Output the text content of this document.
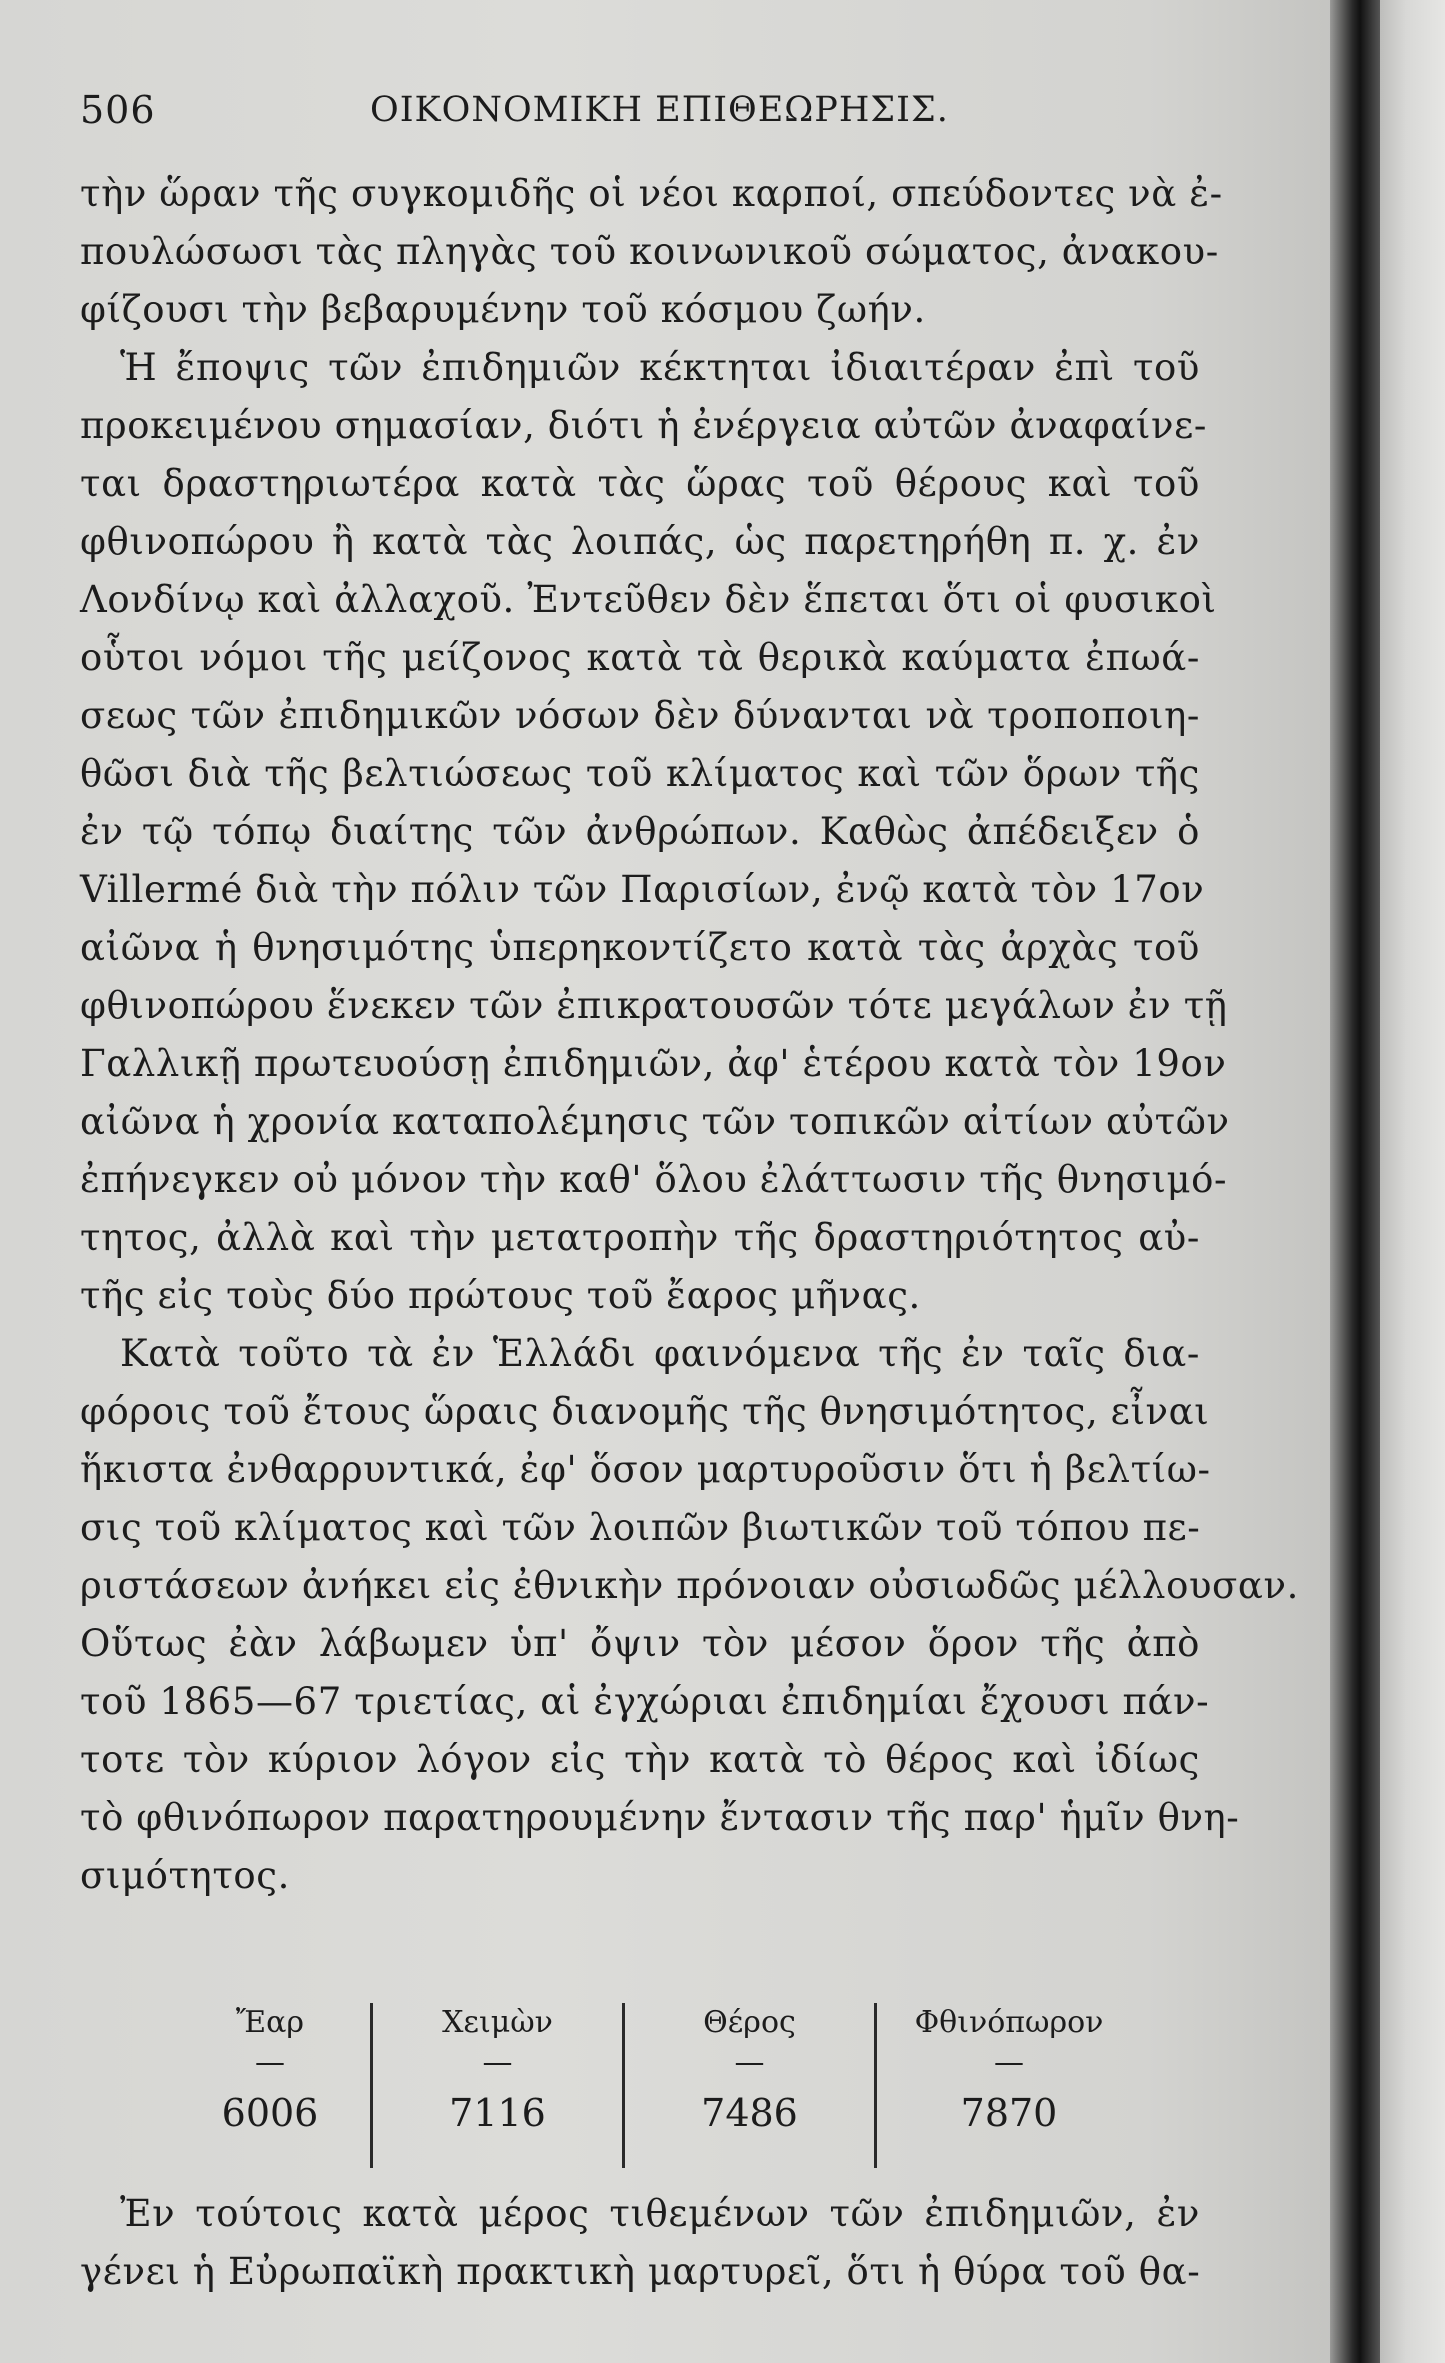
506	ΟΙΚΟΝΟΜΙΚΗ ΕΠΙΘΕΩΡΗΣΙΣ.
τὴν ὥραν τῆς συγκομιδῆς οἱ νέοι καρποί, σπεύδοντες νὰ ἐ-
πουλώσωσι τὰς πληγὰς τοῦ κοινωνικοῦ σώματος, ἀνακου-
φίζουσι τὴν βεβαρυμένην τοῦ κόσμου ζωήν.
Ἡ ἔποψις τῶν ἐπιδημιῶν κέκτηται ἰδιαιτέραν ἐπὶ τοῦ
προκειμένου σημασίαν, διότι ἡ ἐνέργεια αὐτῶν ἀναφαίνε-
ται δραστηριωτέρα κατὰ τὰς ὥρας τοῦ θέρους καὶ τοῦ
φθινοπώρου ἢ κατὰ τὰς λοιπάς, ὡς παρετηρήθη π. χ. ἐν
Λονδίνῳ καὶ ἀλλαχοῦ. Ἐντεῦθεν δὲν ἕπεται ὅτι οἱ φυσικοὶ
οὗτοι νόμοι τῆς μείζονος κατὰ τὰ θερικὰ καύματα ἐπωά-
σεως τῶν ἐπιδημικῶν νόσων δὲν δύνανται νὰ τροποποιη-
θῶσι διὰ τῆς βελτιώσεως τοῦ κλίματος καὶ τῶν ὅρων τῆς
ἐν τῷ τόπῳ διαίτης τῶν ἀνθρώπων. Καθὼς ἀπέδειξεν ὁ
Villermé διὰ τὴν πόλιν τῶν Παρισίων, ἐνῷ κατὰ τὸν 17ον
αἰῶνα ἡ θνησιμότης ὑπερηκοντίζετο κατὰ τὰς ἀρχὰς τοῦ
φθινοπώρου ἕνεκεν τῶν ἐπικρατουσῶν τότε μεγάλων ἐν τῇ
Γαλλικῇ πρωτευούσῃ ἐπιδημιῶν, ἀφ' ἑτέρου κατὰ τὸν 19ον
αἰῶνα ἡ χρονία καταπολέμησις τῶν τοπικῶν αἰτίων αὐτῶν
ἐπήνεγκεν οὐ μόνον τὴν καθ' ὅλου ἐλάττωσιν τῆς θνησιμό-
τητος, ἀλλὰ καὶ τὴν μετατροπὴν τῆς δραστηριότητος αὐ-
τῆς εἰς τοὺς δύο πρώτους τοῦ ἔαρος μῆνας.
Κατὰ τοῦτο τὰ ἐν Ἑλλάδι φαινόμενα τῆς ἐν ταῖς δια-
φόροις τοῦ ἔτους ὥραις διανομῆς τῆς θνησιμότητος, εἶναι
ἥκιστα ἐνθαρρυντικά, ἐφ' ὅσον μαρτυροῦσιν ὅτι ἡ βελτίω-
σις τοῦ κλίματος καὶ τῶν λοιπῶν βιωτικῶν τοῦ τόπου πε-
ριστάσεων ἀνήκει εἰς ἐθνικὴν πρόνοιαν οὐσιωδῶς μέλλουσαν.
Οὕτως ἐὰν λάβωμεν ὑπ' ὄψιν τὸν μέσον ὅρον τῆς ἀπὸ
τοῦ 1865—67 τριετίας, αἱ ἐγχώριαι ἐπιδημίαι ἔχουσι πάν-
τοτε τὸν κύριον λόγον εἰς τὴν κατὰ τὸ θέρος καὶ ἰδίως
τὸ φθινόπωρον παρατηρουμένην ἔντασιν τῆς παρ' ἡμῖν θνη-
σιμότητος.
Ἔαρ
—
6006
Χειμὼν
—
7116
Θέρος
—
7486
Φθινόπωρον
—
7870
Ἐν τούτοις κατὰ μέρος τιθεμένων τῶν ἐπιδημιῶν, ἐν
γένει ἡ Εὐρωπαϊκὴ πρακτικὴ μαρτυρεῖ, ὅτι ἡ θύρα τοῦ θα-
